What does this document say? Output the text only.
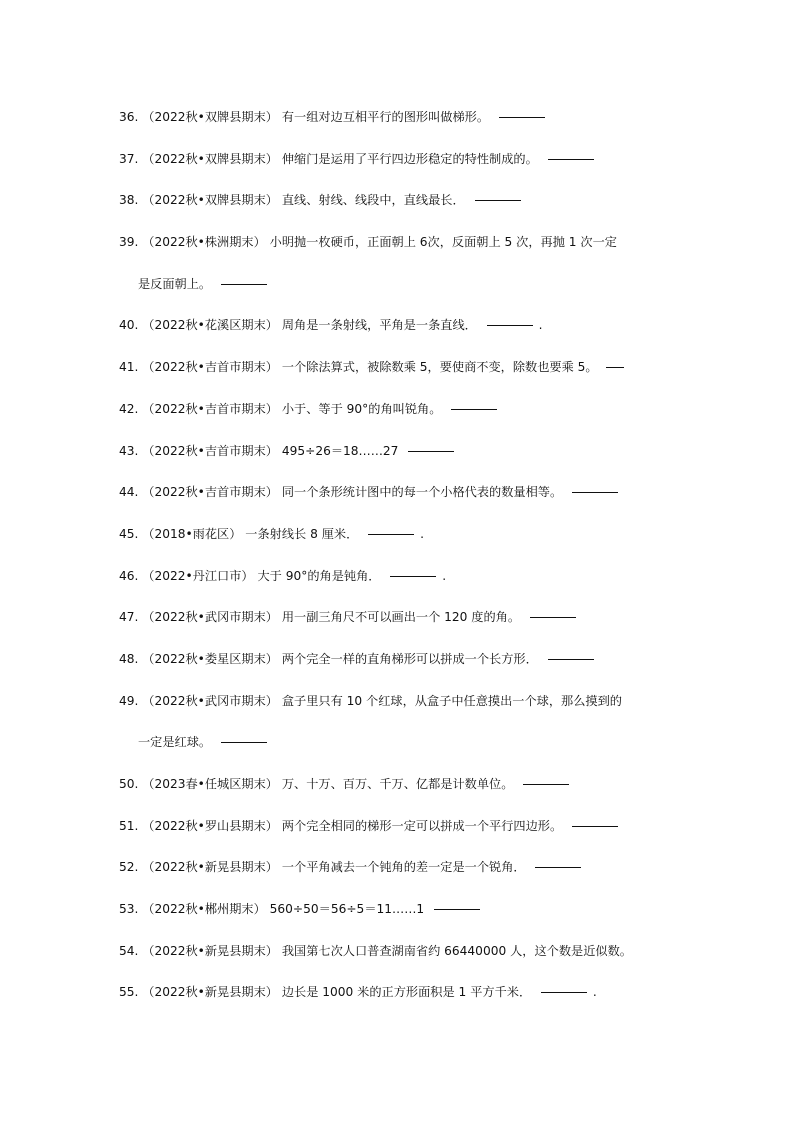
36. （2022秋•双牌县期末） 有一组对边互相平行的图形叫做梯形。
37. （2022秋•双牌县期末） 伸缩门是运用了平行四边形稳定的特性制成的。
38. （2022秋•双牌县期末） 直线、射线、线段中，直线最长．
39. （2022秋•株洲期末） 小明抛一枚硬币，正面朝上 6次，反面朝上 5 次，再抛 1 次一定
是反面朝上。
40. （2022秋•花溪区期末） 周角是一条射线，平角是一条直线．	.
41. （2022秋•吉首市期末） 一个除法算式，被除数乘 5，要使商不变，除数也要乘 5。
42. （2022秋•吉首市期末） 小于、等于 90°的角叫锐角。
43. （2022秋•吉首市期末） 495÷26＝18……27
44. （2022秋•吉首市期末） 同一个条形统计图中的每一个小格代表的数量相等。
45. （2018•雨花区） 一条射线长 8 厘米．	.
46. （2022•丹江口市） 大于 90°的角是钝角．	.
47. （2022秋•武冈市期末） 用一副三角尺不可以画出一个 120 度的角。
48. （2022秋•娄星区期末） 两个完全一样的直角梯形可以拼成一个长方形．
49. （2022秋•武冈市期末） 盒子里只有 10 个红球，从盒子中任意摸出一个球，那么摸到的
一定是红球。
50. （2023春•任城区期末） 万、十万、百万、千万、亿都是计数单位。
51. （2022秋•罗山县期末） 两个完全相同的梯形一定可以拼成一个平行四边形。
52. （2022秋•新晃县期末） 一个平角减去一个钝角的差一定是一个锐角．
53. （2022秋•郴州期末） 560÷50＝56÷5＝11……1
54. （2022秋•新晃县期末） 我国第七次人口普查湖南省约 66440000 人，这个数是近似数。
55. （2022秋•新晃县期末） 边长是 1000 米的正方形面积是 1 平方千米．	.
